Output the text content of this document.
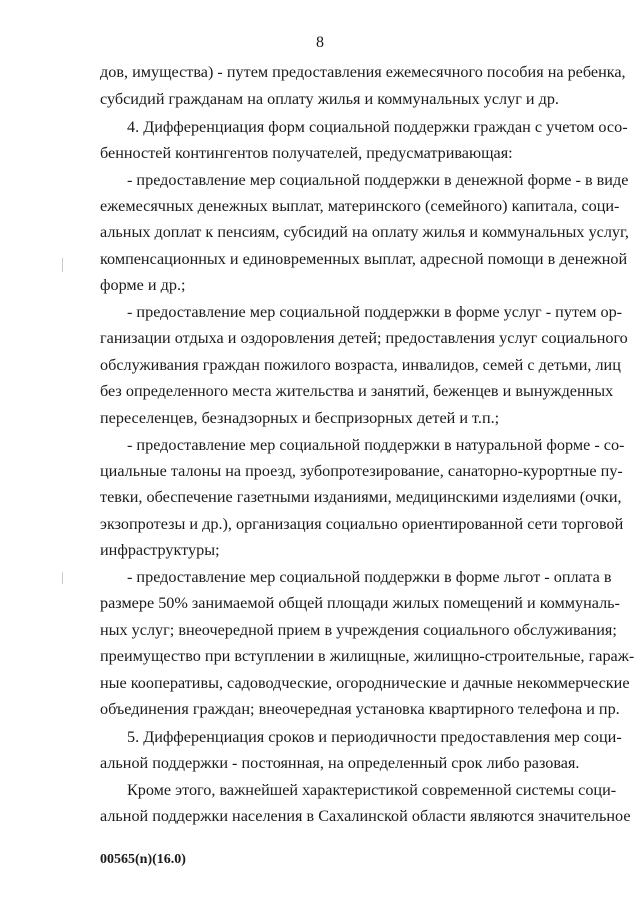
8
дов, имущества) - путем предоставления ежемесячного пособия на ребенка,
субсидий гражданам на оплату жилья и коммунальных услуг и др.
4. Дифференциация форм социальной поддержки граждан с учетом осо-
бенностей контингентов получателей, предусматривающая:
- предоставление мер социальной поддержки в денежной форме - в виде
ежемесячных денежных выплат, материнского (семейного) капитала, соци-
альных доплат к пенсиям, субсидий на оплату жилья и коммунальных услуг,
компенсационных и единовременных выплат, адресной помощи в денежной
форме и др.;
- предоставление мер социальной поддержки в форме услуг - путем ор-
ганизации отдыха и оздоровления детей; предоставления услуг социального
обслуживания граждан пожилого возраста, инвалидов, семей с детьми, лиц
без определенного места жительства и занятий, беженцев и вынужденных
переселенцев, безнадзорных и беспризорных детей и т.п.;
- предоставление мер социальной поддержки в натуральной форме - со-
циальные талоны на проезд, зубопротезирование, санаторно-курортные пу-
тевки, обеспечение газетными изданиями, медицинскими изделиями (очки,
экзопротезы и др.), организация социально ориентированной сети торговой
инфраструктуры;
- предоставление мер социальной поддержки в форме льгот - оплата в
размере 50% занимаемой общей площади жилых помещений и коммуналь-
ных услуг; внеочередной прием в учреждения социального обслуживания;
преимущество при вступлении в жилищные, жилищно-строительные, гараж-
ные кооперативы, садоводческие, огороднические и дачные некоммерческие
объединения граждан; внеочередная установка квартирного телефона и пр.
5. Дифференциация сроков и периодичности предоставления мер соци-
альной поддержки - постоянная, на определенный срок либо разовая.
Кроме этого, важнейшей характеристикой современной системы соци-
альной поддержки населения в Сахалинской области являются значительное
00565(n)(16.0)
